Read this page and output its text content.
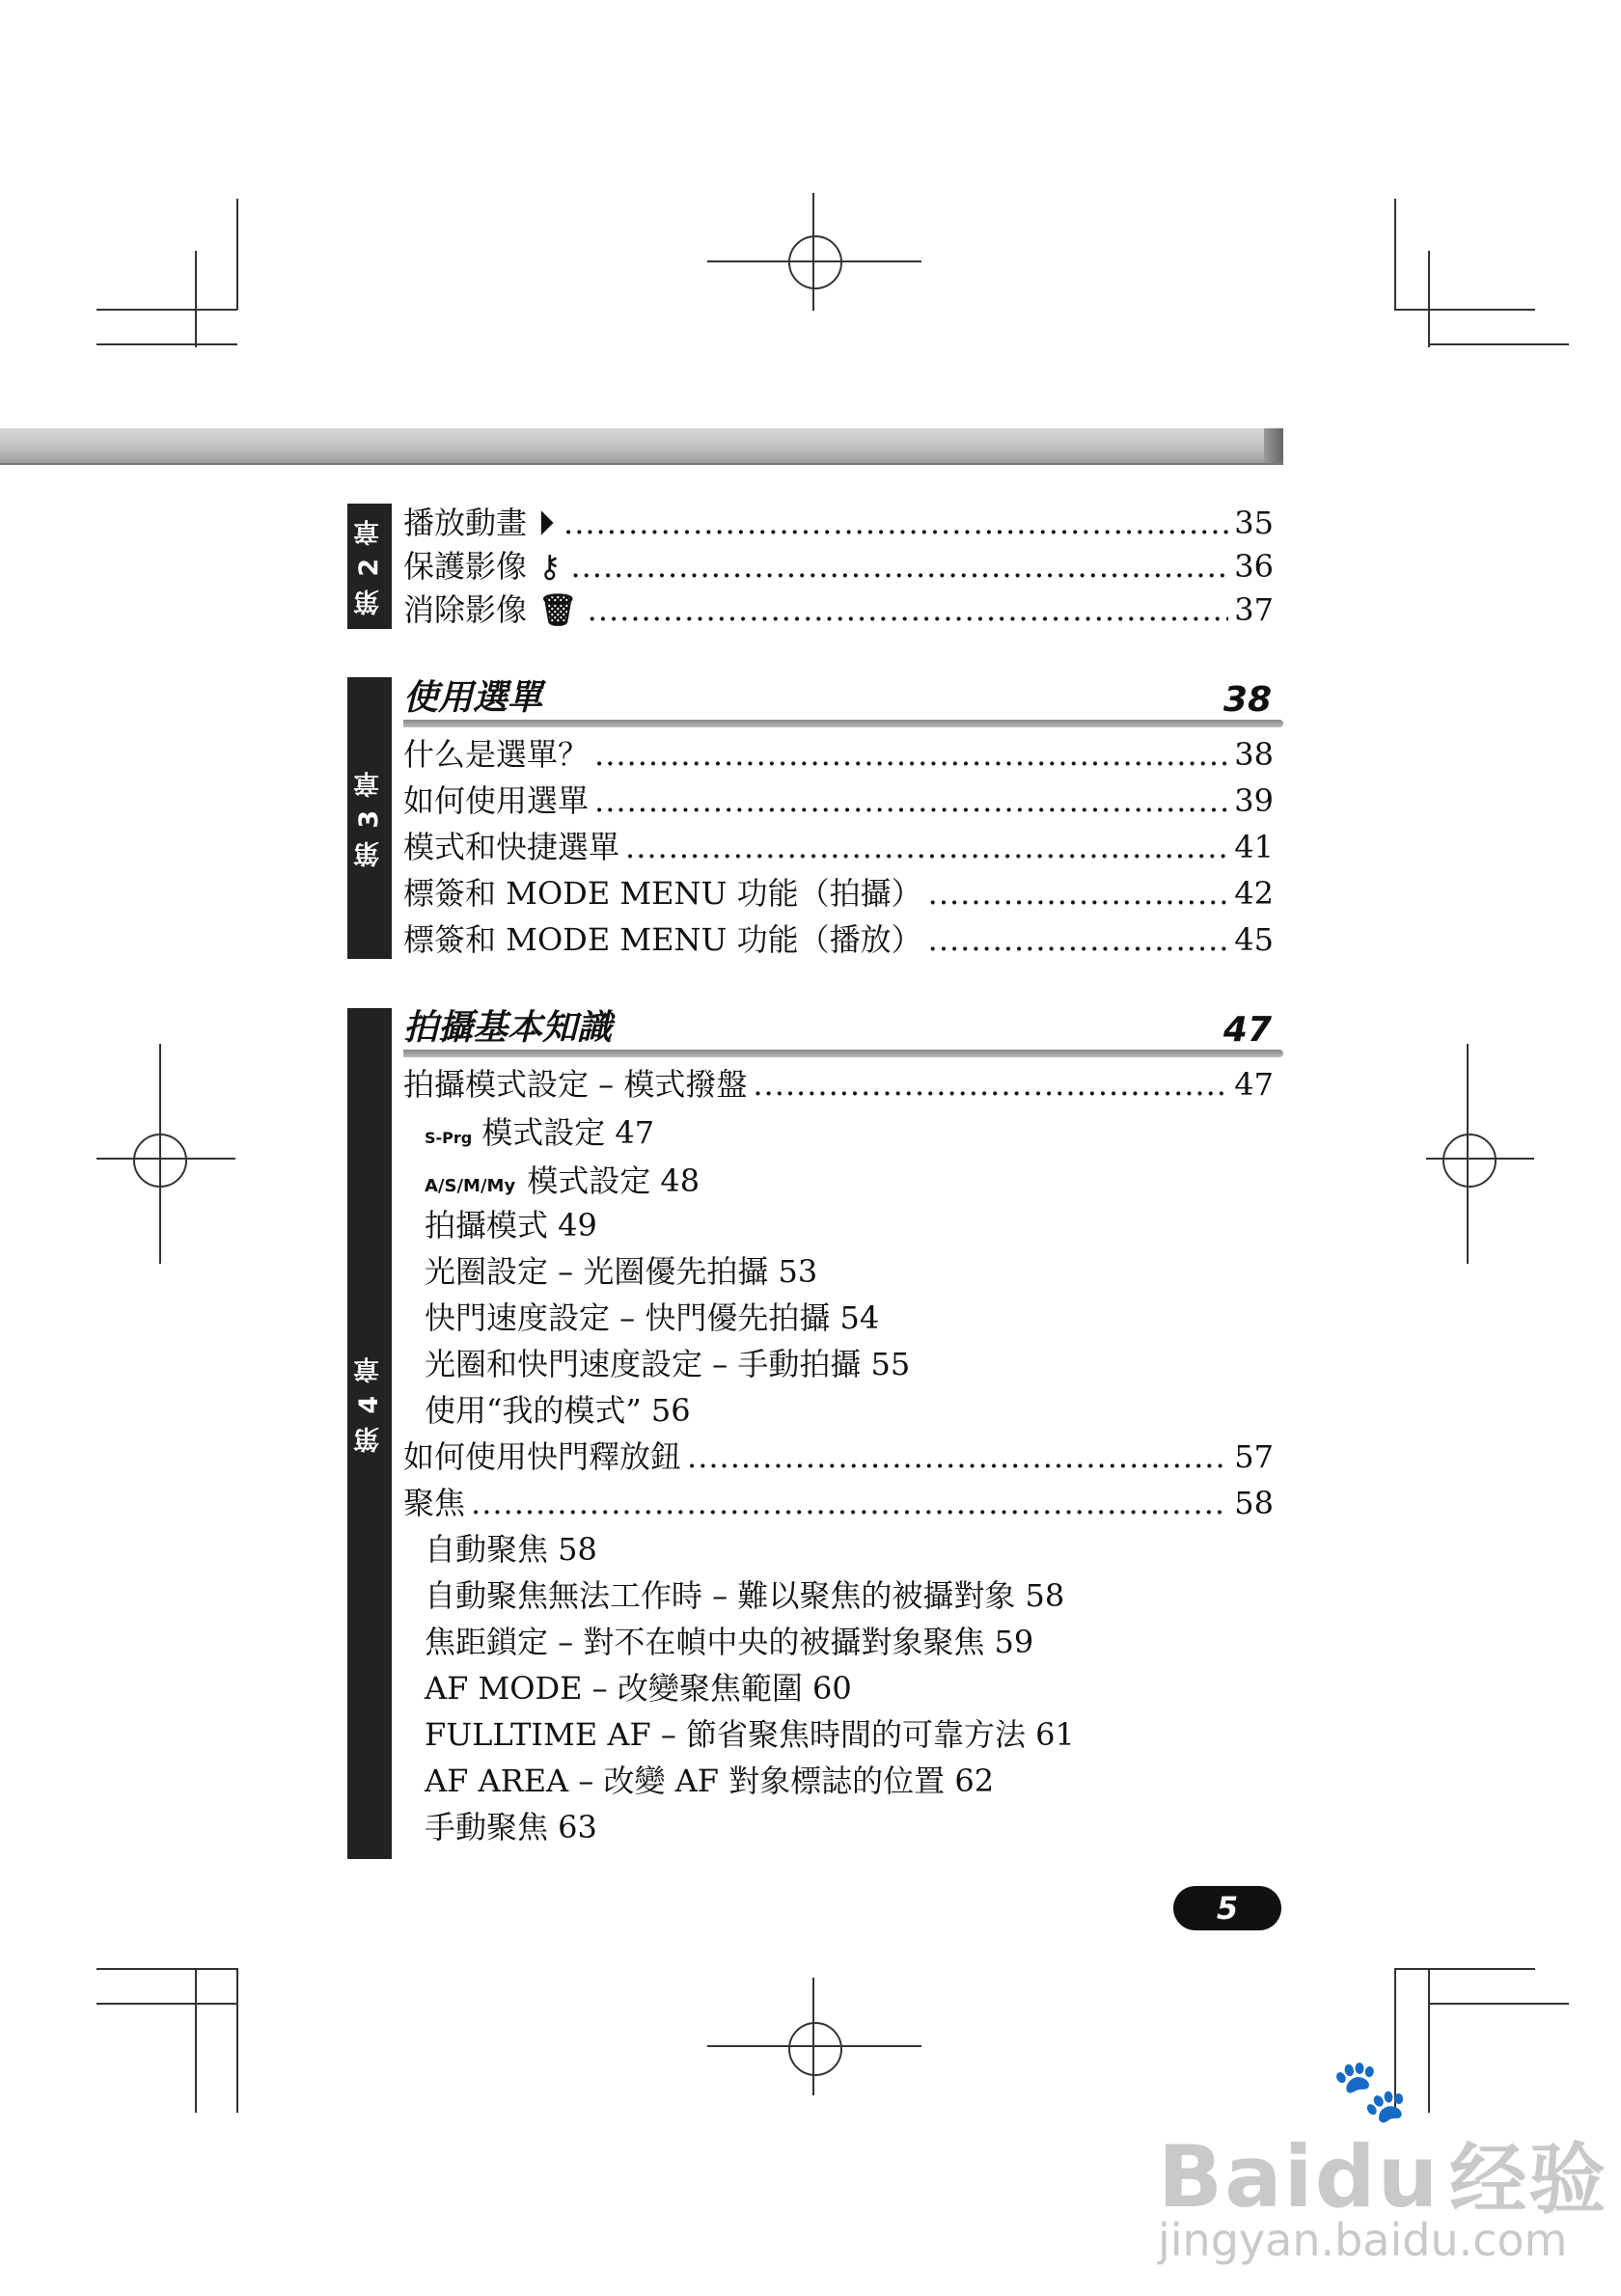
第 2 章 播放動畫 ⏵ .....	35
保護影像 ⚷ .....	36
消除影像 🗑 .....	37
第 3 章
使用選單	38
什么是選單？ .....	38
如何使用選單 .....	39
模式和快捷選單 .....	41
標簽和 MODE MENU 功能（拍攝） .....	42
標簽和 MODE MENU 功能（播放） .....	45
第 4 章
拍攝基本知識	47
拍攝模式設定 – 模式撥盤 .....	47
S-Prg 模式設定 47
A/S/M/My 模式設定 48
拍攝模式 49
光圈設定 – 光圈優先拍攝 53
快門速度設定 – 快門優先拍攝 54
光圈和快門速度設定 – 手動拍攝 55
使用“我的模式” 56
如何使用快門釋放鈕 .....	57
聚焦 .....	58
自動聚焦 58
自動聚焦無法工作時 – 難以聚焦的被攝對象 58
焦距鎖定 – 對不在幀中央的被攝對象聚焦 59
AF MODE – 改變聚焦範圍 60
FULLTIME AF – 節省聚焦時間的可靠方法 61
AF AREA – 改變 AF 對象標誌的位置 62
手動聚焦 63
5
Baidu 经验
🐾
jingyan.baidu.com
